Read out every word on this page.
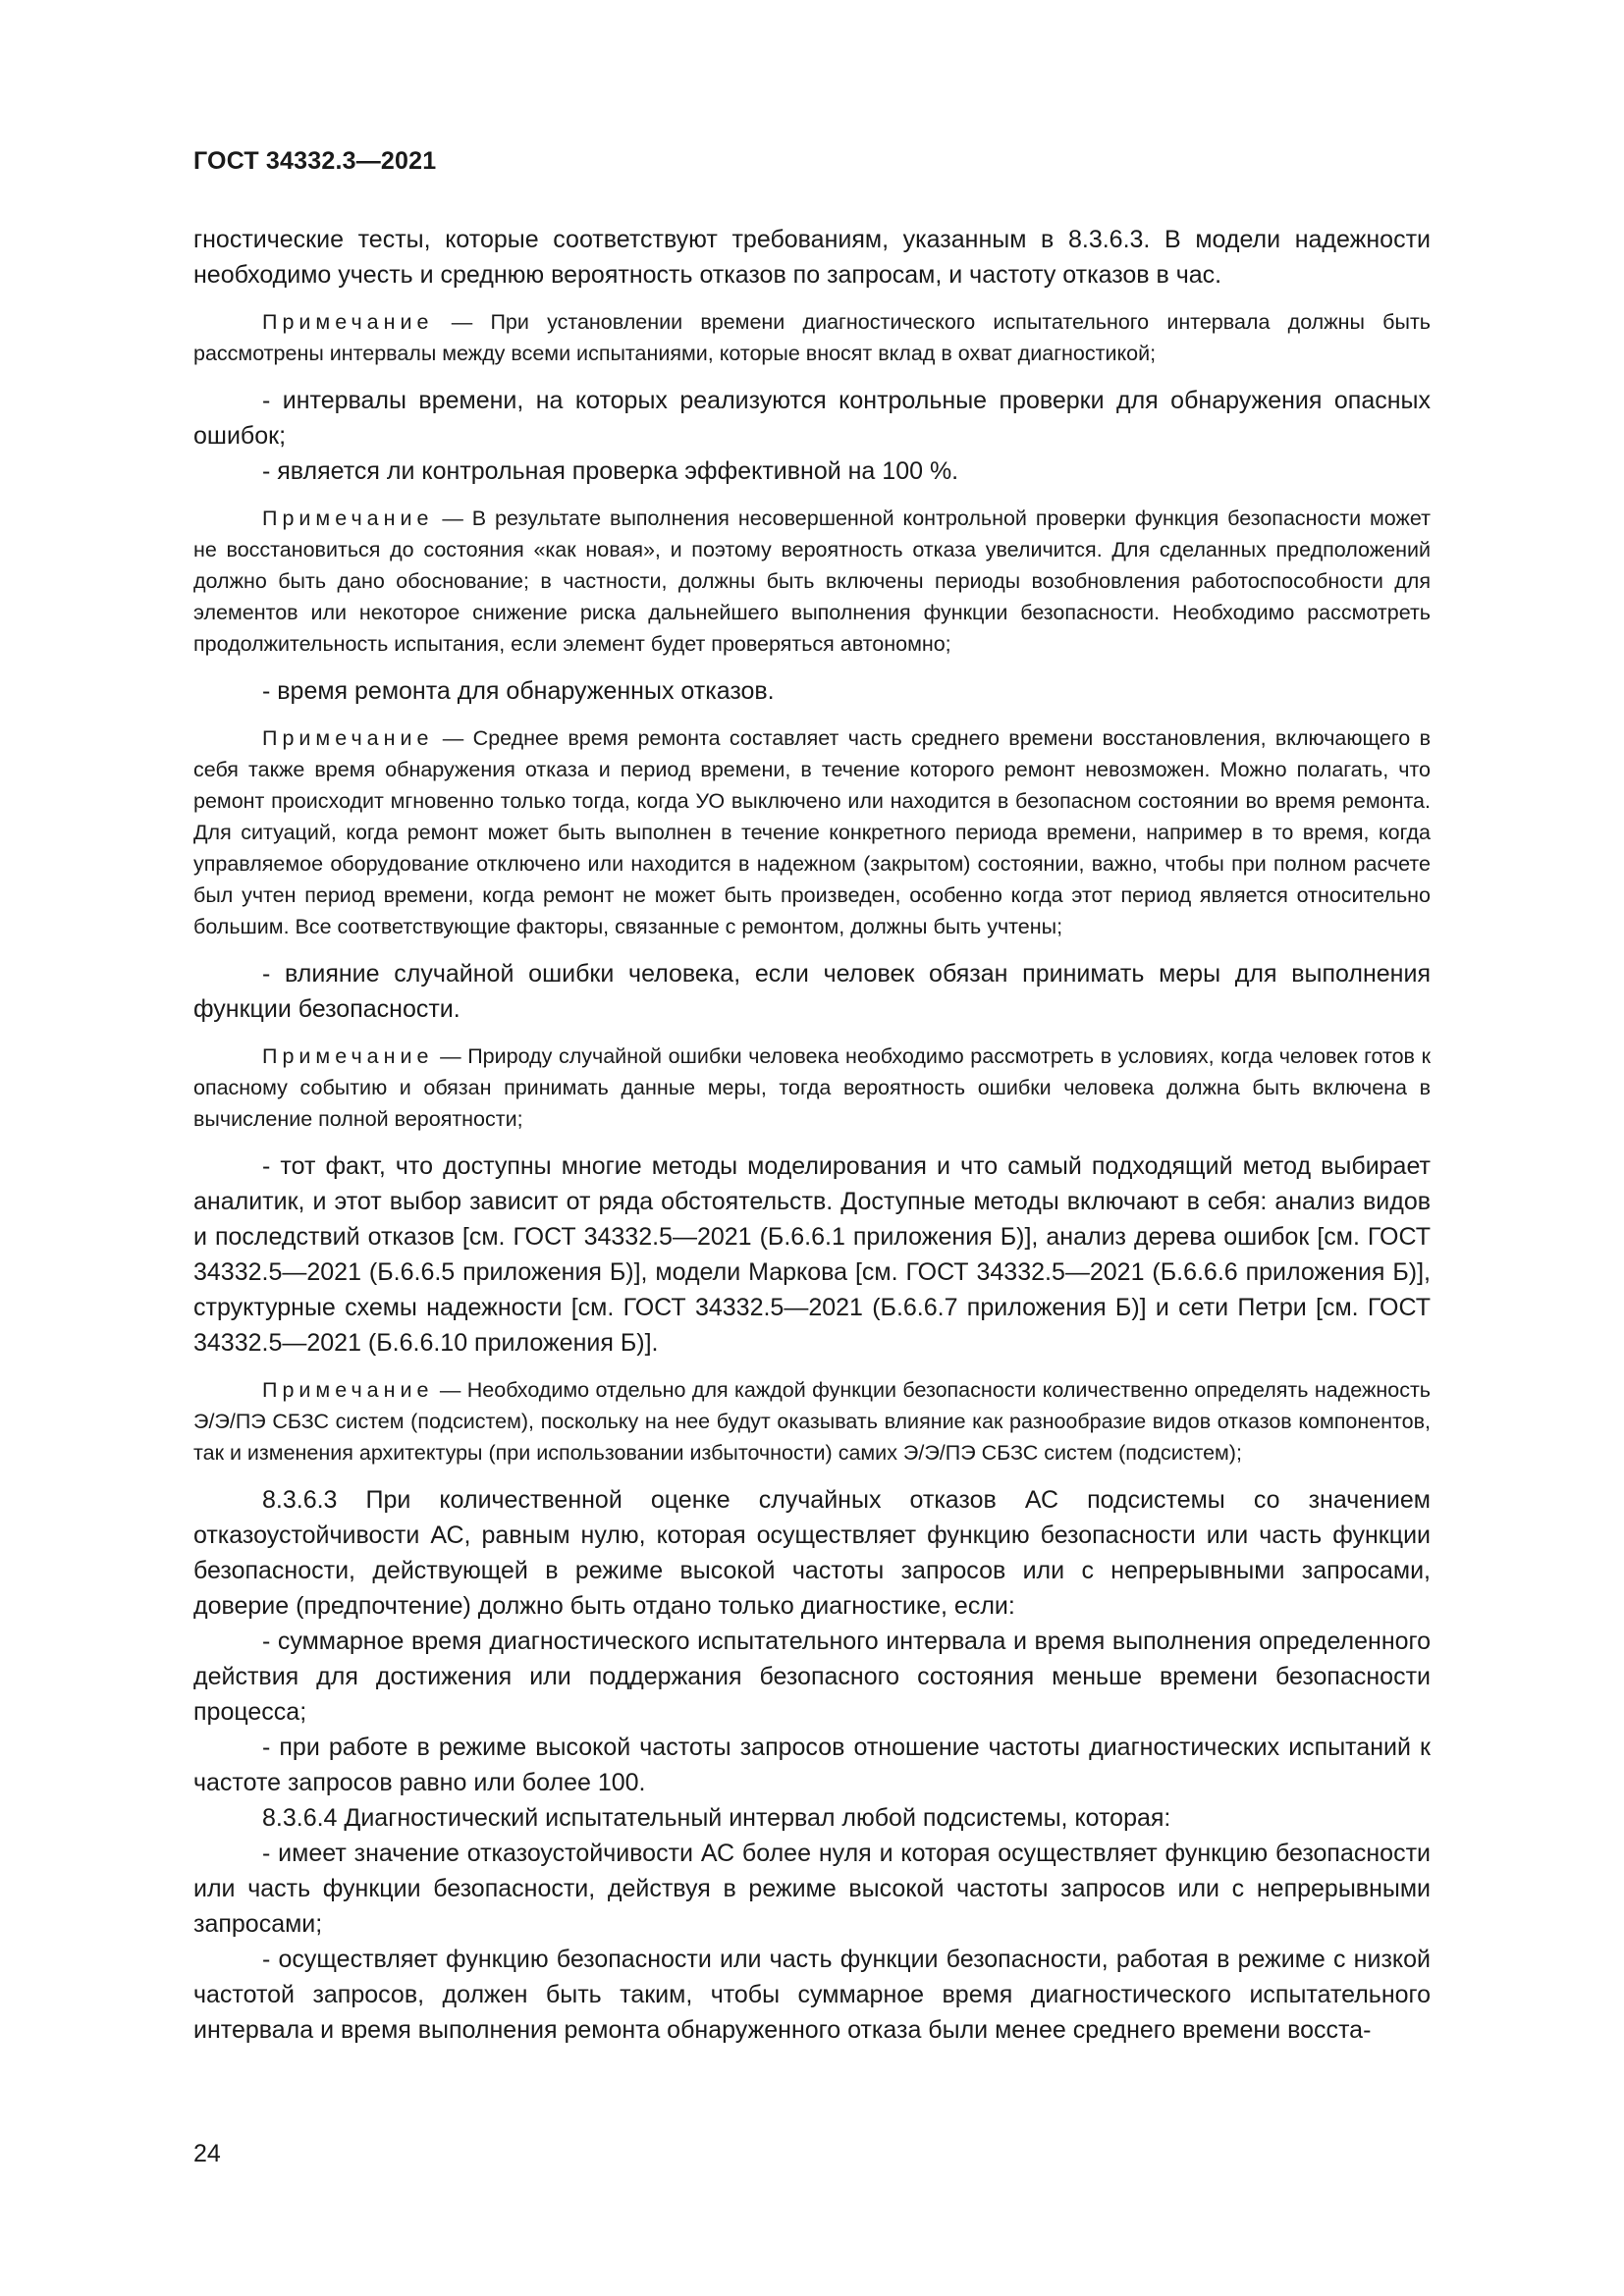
ГОСТ 34332.3—2021

гностические тесты, которые соответствуют требованиям, указанным в 8.3.6.3. В модели надежности необходимо учесть и среднюю вероятность отказов по запросам, и частоту отказов в час.

Примечание — При установлении времени диагностического испытательного интервала должны быть рассмотрены интервалы между всеми испытаниями, которые вносят вклад в охват диагностикой;

- интервалы времени, на которых реализуются контрольные проверки для обнаружения опасных ошибок;

- является ли контрольная проверка эффективной на 100 %.

Примечание — В результате выполнения несовершенной контрольной проверки функция безопасности может не восстановиться до состояния «как новая», и поэтому вероятность отказа увеличится. Для сделанных предположений должно быть дано обоснование; в частности, должны быть включены периоды возобновления работоспособности для элементов или некоторое снижение риска дальнейшего выполнения функции безопасности. Необходимо рассмотреть продолжительность испытания, если элемент будет проверяться автономно;

- время ремонта для обнаруженных отказов.

Примечание — Среднее время ремонта составляет часть среднего времени восстановления, включающего в себя также время обнаружения отказа и период времени, в течение которого ремонт невозможен. Можно полагать, что ремонт происходит мгновенно только тогда, когда УО выключено или находится в безопасном состоянии во время ремонта. Для ситуаций, когда ремонт может быть выполнен в течение конкретного периода времени, например в то время, когда управляемое оборудование отключено или находится в надежном (закрытом) состоянии, важно, чтобы при полном расчете был учтен период времени, когда ремонт не может быть произведен, особенно когда этот период является относительно большим. Все соответствующие факторы, связанные с ремонтом, должны быть учтены;

- влияние случайной ошибки человека, если человек обязан принимать меры для выполнения функции безопасности.

Примечание — Природу случайной ошибки человека необходимо рассмотреть в условиях, когда человек готов к опасному событию и обязан принимать данные меры, тогда вероятность ошибки человека должна быть включена в вычисление полной вероятности;

- тот факт, что доступны многие методы моделирования и что самый подходящий метод выбирает аналитик, и этот выбор зависит от ряда обстоятельств. Доступные методы включают в себя: анализ видов и последствий отказов [см. ГОСТ 34332.5—2021 (Б.6.6.1 приложения Б)], анализ дерева ошибок [см. ГОСТ 34332.5—2021 (Б.6.6.5 приложения Б)], модели Маркова [см. ГОСТ 34332.5—2021 (Б.6.6.6 приложения Б)], структурные схемы надежности [см. ГОСТ 34332.5—2021 (Б.6.6.7 приложения Б)] и сети Петри [см. ГОСТ 34332.5—2021 (Б.6.6.10 приложения Б)].

Примечание — Необходимо отдельно для каждой функции безопасности количественно определять надежность Э/Э/ПЭ СБЗС систем (подсистем), поскольку на нее будут оказывать влияние как разнообразие видов отказов компонентов, так и изменения архитектуры (при использовании избыточности) самих Э/Э/ПЭ СБЗС систем (подсистем);

8.3.6.3 При количественной оценке случайных отказов АС подсистемы со значением отказоустойчивости АС, равным нулю, которая осуществляет функцию безопасности или часть функции безопасности, действующей в режиме высокой частоты запросов или с непрерывными запросами, доверие (предпочтение) должно быть отдано только диагностике, если:

- суммарное время диагностического испытательного интервала и время выполнения определенного действия для достижения или поддержания безопасного состояния меньше времени безопасности процесса;

- при работе в режиме высокой частоты запросов отношение частоты диагностических испытаний к частоте запросов равно или более 100.

8.3.6.4 Диагностический испытательный интервал любой подсистемы, которая:

- имеет значение отказоустойчивости АС более нуля и которая осуществляет функцию безопасности или часть функции безопасности, действуя в режиме высокой частоты запросов или с непрерывными запросами;

- осуществляет функцию безопасности или часть функции безопасности, работая в режиме с низкой частотой запросов, должен быть таким, чтобы суммарное время диагностического испытательного интервала и время выполнения ремонта обнаруженного отказа были менее среднего времени восста-

24
